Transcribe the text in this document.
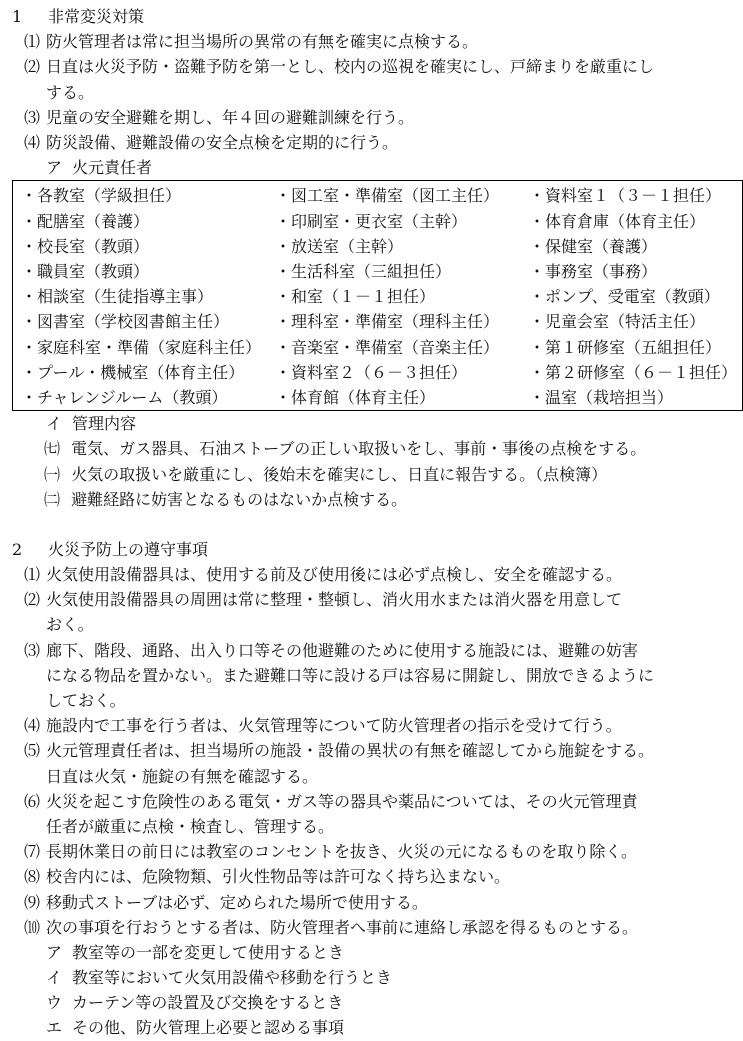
1 非常変災対策
⑴ 防火管理者は常に担当場所の異常の有無を確実に点検する。
⑵ 日直は火災予防・盗難予防を第一とし、校内の巡視を確実にし、戸締まりを厳重にし
する。
⑶ 児童の安全避難を期し、年４回の避難訓練を行う。
⑷ 防災設備、避難設備の安全点検を定期的に行う。
ア 火元責任者
・各教室（学級担任）	・図工室・準備室（図工主任）	・資料室１（３－１担任）
・配膳室（養護）	・印刷室・更衣室（主幹）	・体育倉庫（体育主任）
・校長室（教頭）	・放送室（主幹）	・保健室（養護）
・職員室（教頭）	・生活科室（三組担任）	・事務室（事務）
・相談室（生徒指導主事）	・和室（１－１担任）	・ポンプ、受電室（教頭）
・図書室（学校図書館主任）	・理科室・準備室（理科主任）	・児童会室（特活主任）
・家庭科室・準備（家庭科主任）	・音楽室・準備室（音楽主任）	・第１研修室（五組担任）
・プール・機械室（体育主任）	・資料室２（６－３担任）	・第２研修室（６－１担任）
・チャレンジルーム（教頭）	・体育館（体育主任）	・温室（栽培担当）
イ 管理内容
㈦ 電気、ガス器具、石油ストーブの正しい取扱いをし、事前・事後の点検をする。
㈠ 火気の取扱いを厳重にし、後始末を確実にし、日直に報告する。（点検簿）
㈡ 避難経路に妨害となるものはないか点検する。
2 火災予防上の遵守事項
⑴ 火気使用設備器具は、使用する前及び使用後には必ず点検し、安全を確認する。
⑵ 火気使用設備器具の周囲は常に整理・整頓し、消火用水または消火器を用意して
おく。
⑶ 廊下、階段、通路、出入り口等その他避難のために使用する施設には、避難の妨害
になる物品を置かない。また避難口等に設ける戸は容易に開錠し、開放できるように
しておく。
⑷ 施設内で工事を行う者は、火気管理等について防火管理者の指示を受けて行う。
⑸ 火元管理責任者は、担当場所の施設・設備の異状の有無を確認してから施錠をする。
日直は火気・施錠の有無を確認する。
⑹ 火災を起こす危険性のある電気・ガス等の器具や薬品については、その火元管理責
任者が厳重に点検・検査し、管理する。
⑺ 長期休業日の前日には教室のコンセントを抜き、火災の元になるものを取り除く。
⑻ 校舎内には、危険物類、引火性物品等は許可なく持ち込まない。
⑼ 移動式ストーブは必ず、定められた場所で使用する。
⑽ 次の事項を行おうとする者は、防火管理者へ事前に連絡し承認を得るものとする。
ア 教室等の一部を変更して使用するとき
イ 教室等において火気用設備や移動を行うとき
ウ カーテン等の設置及び交換をするとき
エ その他、防火管理上必要と認める事項
